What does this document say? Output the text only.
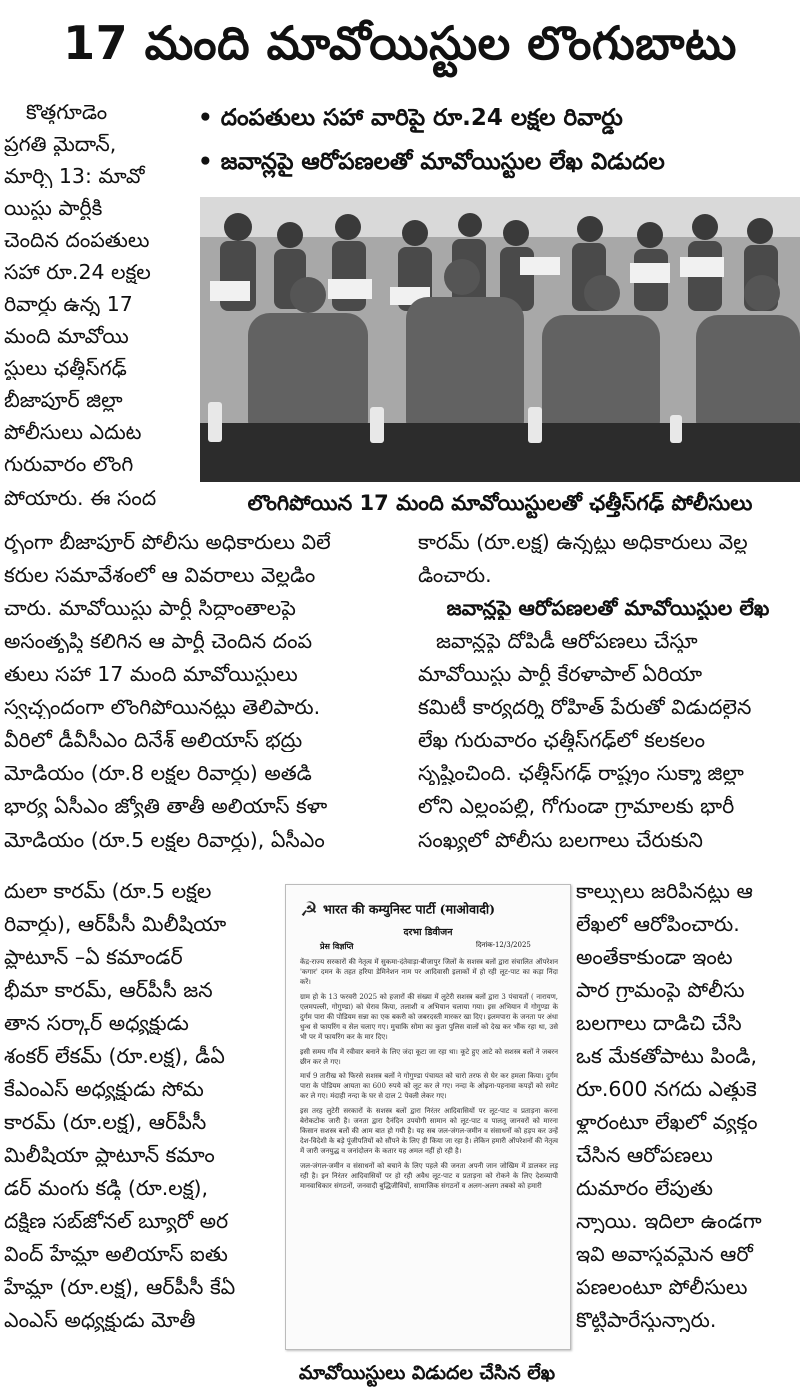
17 మంది మావోయిస్టుల లొంగుబాటు
• దంపతులు సహా వారిపై రూ.24 లక్షల రివార్డు
• జవాన్లపై ఆరోపణలతో మావోయిస్టుల లేఖ విడుదల
లొంగిపోయిన 17 మంది మావోయిస్టులతో ఛత్తీస్‌గఢ్ పోలీసులు
కొత్తగూడెం
ప్రగతి మైదాన్,
మార్చి 13: మావో
యిస్టు పార్టీకి
చెందిన దంపతులు
సహా రూ.24 లక్షల
రివార్డు ఉన్న 17
మంది మావోయి
స్టులు ఛత్తీస్‌గఢ్
బీజాపూర్ జిల్లా
పోలీసులు ఎదుట
గురువారం లొంగి
పోయారు. ఈ సంద
ర్భంగా బీజాపూర్ పోలీసు అధికారులు విలే
కరుల సమావేశంలో ఆ వివరాలు వెల్లడిం
చారు. మావోయిస్టు పార్టీ సిద్ధాంతాలపై
అసంతృప్తి కలిగిన ఆ పార్టీ చెందిన దంప
తులు సహా 17 మంది మావోయిస్టులు
స్వచ్ఛందంగా లొంగిపోయినట్లు తెలిపారు.
వీరిలో డీవీసీఎం దినేశ్ అలియాస్ భద్రు
మోడియం (రూ.8 లక్షల రివార్డు) అతడి
భార్య ఏసీఎం జ్యోతి తాతీ అలియాస్ కళా
మోడియం (రూ.5 లక్షల రివార్డు), ఏసీఎం
దులా కారమ్ (రూ.5 లక్షల
రివార్డు), ఆర్‌పీసీ మిలీషియా
ప్లాటూన్ –ఏ కమాండర్
భీమా కారమ్, ఆర్‌పీసీ జన
తాన సర్కార్ అధ్యక్షుడు
శంకర్ లేకమ్ (రూ.లక్ష), డీఏ
కేఎంఎస్ అధ్యక్షుడు సోమ
కారమ్ (రూ.లక్ష), ఆర్‌పీసీ
మిలీషియా ప్లాటూన్ కమాం
డర్ మంగు కడ్తి (రూ.లక్ష),
దక్షిణ సబ్‌జోనల్ బ్యూరో అర
వింద్ హేమ్లా అలియాస్ ఐతు
హేమ్లా (రూ.లక్ష), ఆర్‌పీసీ కేఏ
ఎంఎస్ అధ్యక్షుడు మోతీ
కారమ్ (రూ.లక్ష) ఉన్నట్లు అధికారులు వెల్ల
డించారు.
జవాన్లపై ఆరోపణలతో మావోయిస్టుల లేఖ
జవాన్లపై దోపిడీ ఆరోపణలు చేస్తూ
మావోయిస్టు పార్టీ కేరళాపాల్ ఏరియా
కమిటీ కార్యదర్శి రోహిత్ పేరుతో విడుదలైన
లేఖ గురువారం ఛత్తీస్‌గఢ్‌లో కలకలం
సృష్టించింది. ఛత్తీస్‌గఢ్ రాష్ట్రం సుక్మా జిల్లా
లోని ఎల్లంపల్లి, గోగుండా గ్రామాలకు భారీ
సంఖ్యలో పోలీసు బలగాలు చేరుకుని
☭ भारत की कम्युनिस्ट पार्टी (माओवादी)
दरभा डिवीजन
प्रेस विज्ञप्ति	दिनांक-12/3/2025

केंद्र-राज्य सरकारों की नेतृत्व में सुकमा-दंतेवाड़ा-बीजापुर जिलों के सशस्त्र बलों द्वारा संचालित ऑपरेशन 'कगार' दमन के तहत हरिया डेमिनेशन नाम पर आदिवासी इलाकों में हो रही लूट-पाट का कड़ा निंदा करें।

ग्राम हो के 13 फरवरी 2025 को हजारों की संख्या में लुटेरी सशस्त्र बलों द्वारा 3 पंचायतों ( नारायण, एलमपल्ली, गोगुण्डा) को घेराव किया, तलाशी व अभियान चलाया गया। इस अभियान में गोगुण्डा के दुर्गम पारा की पोडियम सन्ना का एक बकरी को जबरदस्ती मारकर खा दिए। इलमपारा के जनता पर अंधा धुन्ध से फायरिंग व सेल चलाए गए। मुचाकि सोमा का कुता पुलिस वालों को देख कर भौंक रहा था, उसे भी पर में फायरिंग कर के मार दिए।

इसी समय गाँव में रवीवार बनाने के लिए जंदा कूटा जा रहा था। कूटे हुए आटे को सशस्त्र बलों ने जबरन छीन कर ले गए।

मार्च 9 तारीख को फिरसे सशस्त्र बलों ने गोगुण्डा पंचायत को चारो तरफ से घेर कर हमला किया। दुर्गम पारा के पोडियम आयता का 600 रुपये को लूट कर ले गए। नन्दा के ओढ़ना-पहनावा कपड़ों को समेट कर ले गए। मंदाही नन्दा के घर से दाल 2 पेवली लेकर गए।

इस तरह लुटेरी सरकारों के सशस्त्र बलों द्वारा निरंतर आदिवासियों पर लूट-पाट व प्रताड़ना करना बेरोकटोक जारी है। जनता द्वारा दैनंदिन उपयोगी सामान को लूट-पाट व पालतू जानवरों को मारना किसान सशस्त्र बलों की आम बात हो गयी है। यह सब जल-जंगल-जमीन व संसाधनों को हड़प कर उन्हें देश-विदेशी के बड़े पूंजीपतियों को सौंपने के लिए ही किया जा रहा है। लेकिन हमारी ऑपरेशनों की नेतृत्व में जारी जनयुद्ध व जनांदोलन के कतार यह अमल नहीं हो रही है।

जल-जंगल-जमीन व संसाधनों को बचाने के लिए पहले की जनता अपनी जान जोखिम में डालकर लड़ रही है। इन निरंतर आदिवासियों पर हो रही अवैध लूट-पाट व प्रताड़ना को रोकने के लिए देशव्यापी मानवाधिकार संगठनों, जनवादी बुद्धिजीवियों, सामाजिक संगठनों व अलग-अलग तबको को हमारी

మావోయిస్టులు విడుదల చేసిన లేఖ
కాల్పులు జరిపినట్లు ఆ
లేఖలో ఆరోపించారు.
అంతేకాకుండా ఇంట
పార గ్రామంపై పోలీసు
బలగాలు దాడిచి చేసి
ఒక మేకతోపాటు పిండి,
రూ.600 నగదు ఎత్తుకె
ళ్లారంటూ లేఖలో వ్యక్తం
చేసిన ఆరోపణలు
దుమారం లేపుతు
న్నాయి. ఇదిలా ఉండగా
ఇవి అవాస్తవమైన ఆరో
పణలంటూ పోలీసులు
కొట్టిపారేస్తున్నారు.
